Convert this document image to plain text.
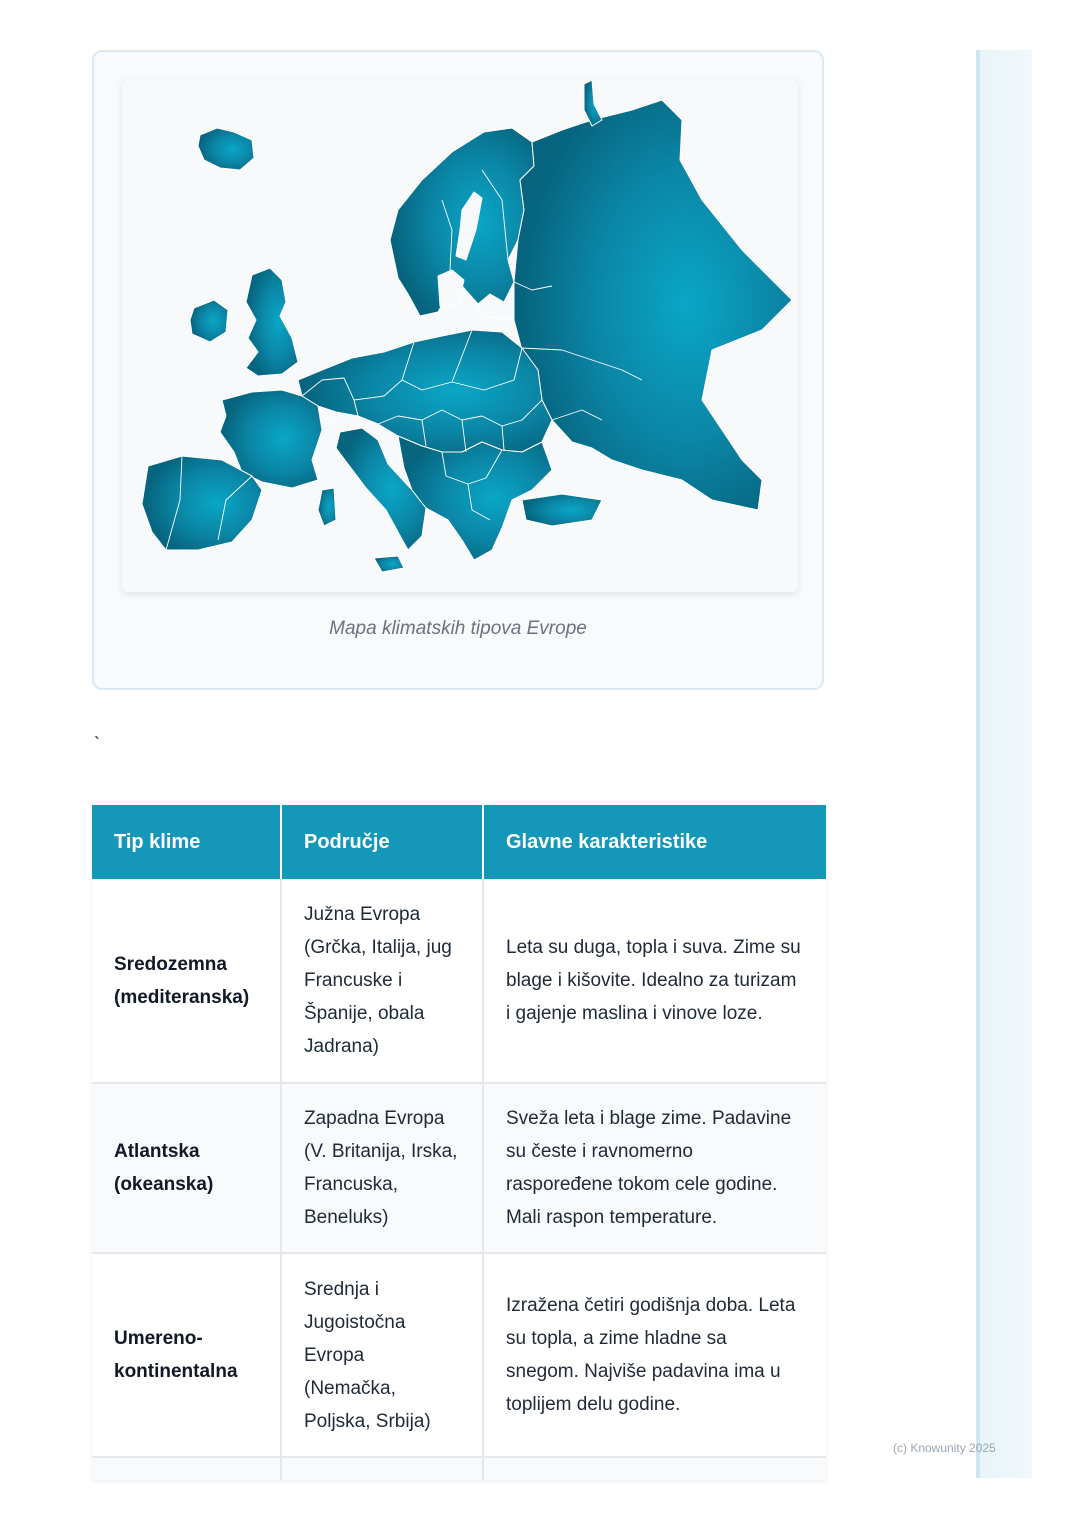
Mapa klimatskih tipova Evrope
`
Tip klime	Područje	Glavne karakteristike
Sredozemna (mediteranska)	Južna Evropa (Grčka, Italija, jug Francuske i Španije, obala Jadrana)	Leta su duga, topla i suva. Zime su blage i kišovite. Idealno za turizam i gajenje maslina i vinove loze.
Atlantska (okeanska)	Zapadna Evropa (V. Britanija, Irska, Francuska, Beneluks)	Sveža leta i blage zime. Padavine su česte i ravnomerno raspoređene tokom cele godine. Mali raspon temperature.
Umereno-kontinentalna	Srednja i Jugoistočna Evropa (Nemačka, Poljska, Srbija)	Izražena četiri godišnja doba. Leta su topla, a zime hladne sa snegom. Najviše padavina ima u toplijem delu godine.

(c) Knowunity 2025
